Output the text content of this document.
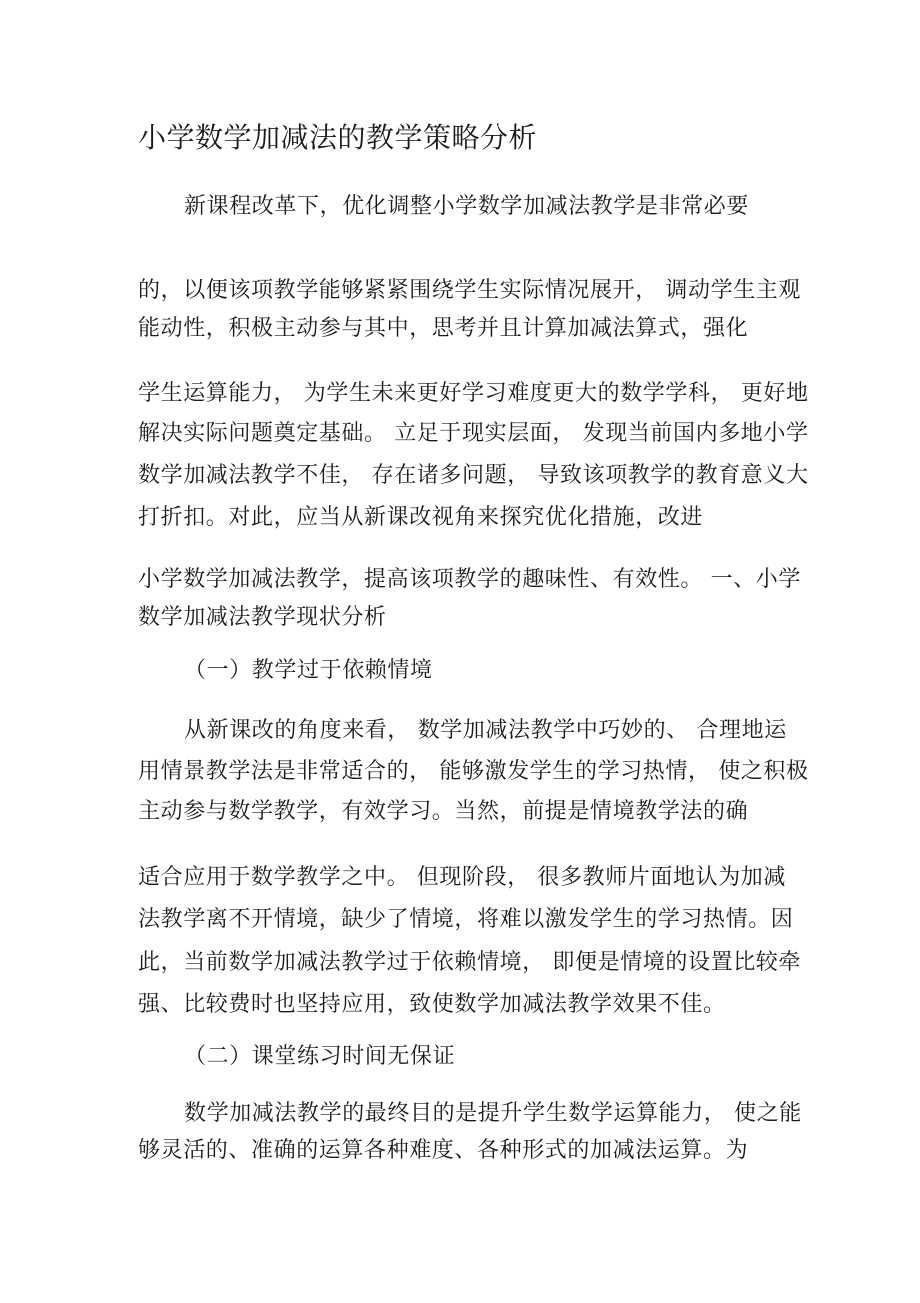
小学数学加减法的教学策略分析
新课程改革下，优化调整小学数学加减法教学是非常必要
的，以便该项教学能够紧紧围绕学生实际情况展开， 调动学生主观
能动性，积极主动参与其中，思考并且计算加减法算式，强化
学生运算能力， 为学生未来更好学习难度更大的数学学科， 更好地
解决实际问题奠定基础。 立足于现实层面， 发现当前国内多地小学
数学加减法教学不佳， 存在诸多问题， 导致该项教学的教育意义大
打折扣。对此，应当从新课改视角来探究优化措施，改进
小学数学加减法教学，提高该项教学的趣味性、有效性。 一、小学
数学加减法教学现状分析
（一）教学过于依赖情境
从新课改的角度来看， 数学加减法教学中巧妙的、 合理地运
用情景教学法是非常适合的， 能够激发学生的学习热情， 使之积极
主动参与数学教学，有效学习。当然，前提是情境教学法的确
适合应用于数学教学之中。 但现阶段， 很多教师片面地认为加减
法教学离不开情境，缺少了情境，将难以激发学生的学习热情。因
此，当前数学加减法教学过于依赖情境， 即便是情境的设置比较牵
强、比较费时也坚持应用，致使数学加减法教学效果不佳。
（二）课堂练习时间无保证
数学加减法教学的最终目的是提升学生数学运算能力， 使之能
够灵活的、准确的运算各种难度、各种形式的加减法运算。为
